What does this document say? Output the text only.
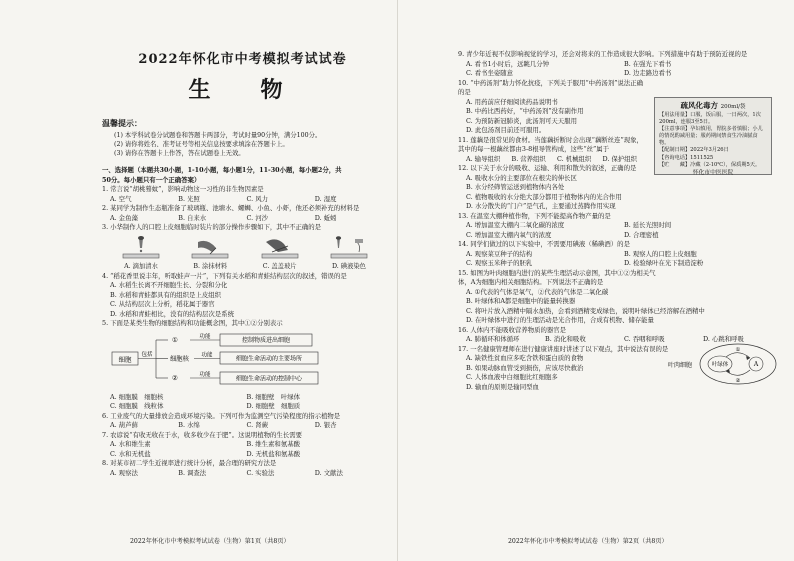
2022年怀化市中考模拟考试试卷
生　物
温馨提示：
(1) 本学科试卷分试题卷和答题卡两部分，考试时量90分钟，满分100分。
(2) 请你将姓名、准考证号等相关信息按要求填涂在答题卡上。
(3) 请你在答题卡上作答，答在试题卷上无效。
一、选择题（本题共30小题，1-10小题，每小题1分，11-30小题，每小题2分，共
50分。每小题只有一个正确答案）
1. 常言说“胡桃蓦蚊”，影响动物这一习性的非生物因素是
A. 空气	B. 光照	C. 风力	D. 湿度
2. 某同学为制作生态瓶准备了玻璃瓶、池塘水、螺蛳、小鱼、小虾，他还必须补充的材料是
A. 金鱼藻	B. 自来水	C. 河沙	D. 蚯蚓
3. 小华制作人的口腔上皮细胞临时装片的部分操作步骤如下，其中不正确的是
A. 滴加清水	B. 涂抹材料	C. 盖盖玻片	D. 碘液染色
4. “稻花香里说丰年，听取蛙声一片”，下列有关水稻和青蛙结构层次的叙述，错误的是
A. 水稻生长离不开细胞生长、分裂和分化
B. 水稻和青蛙都具有的组织是上皮组织
C. 从结构层次上分析，稻花属于器官
D. 水稻和青蛙相比，没有的结构层次是系统
5. 下面是某类生物的细胞结构和功能概念图，其中①②分别表示
细胞
包括
①
细胞核
②
功能
功能
功能
控制物质进出细胞
细胞生命活动的主要场所
细胞生命活动的控制中心
A. 细胞膜　细胞核	B. 细胞壁　叶绿体
C. 细胞膜　线粒体	D. 细胞壁　细胞质
6. 工业废气的大量排放会造成环境污染。下列可作为监测空气污染程度的指示植物是
A. 葫芦藓	B. 水绵	C. 肾蕨	D. 银杏
7. 农谚说“有收无收在于水，收多收少在于肥”。这说明植物的生长需要
A. 水和维生素	B. 维生素和氨基酸
C. 水和无机盐	D. 无机盐和氨基酸
8. 对某市初二学生近视率进行统计分析，最合理的研究方法是
A. 观察法	B. 调查法	C. 实验法	D. 文献法
2022年怀化市中考模拟考试试卷（生物）第1页（共8页）
9. 青少年近视不仅影响视觉的学习，还会对将来的工作造成很大影响。下列措施中有助于预防近视的是
A. 看书1小时后，远眺几分钟	B. 在强光下看书
C. 看书坐姿随意	D. 边走路边看书
10. “中药汤剂”助力怀化抗疫，下列关于服用“中药汤剂”说法正确的是
A. 用药前应仔细阅读药品说明书
B. 中药比西药好，“中药汤剂”没有副作用
C. 为预防新冠肺炎，此汤剂可天天服用
D. 此包汤剂目前还可服用。
11. 莲藕是很常见的食材。当莲藕折断时会出现“藕断丝连”现象，其中的每一根藕丝都由3-8根导管构成，这些“丝”属于
A. 输导组织	B. 营养组织	C. 机械组织	D. 保护组织
12. 以下关于水分的吸收、运输、利用和散失的叙述，正确的是
A. 吸收水分的主要部位在根尖的伸长区
B. 水分经筛管运送到植物体内各处
C. 植物吸收的水分绝大部分都用于植物体内的光合作用
D. 水分散失的“门户”是气孔，主要通过蒸腾作用实现
13. 在温室大棚种植作物，下列不能提高作物产量的是
A. 增加温室大棚内二氧化碳的浓度	B. 延长光照时间
C. 增加温室大棚内氧气的浓度	D. 合理密植
14. 同学们做过的以下实验中，不需要用碘液（稀碘酒）的是
A. 观察菜豆种子的结构	B. 观察人的口腔上皮细胞
C. 观察玉米种子的胚乳	D. 检验绿叶在光下制造淀粉
15. 如图为叶肉细胞内进行的某些生理活动示意图，其中①②为相关气体，A为细胞内相关细胞结构。下列说法不正确的是
A. ①代表的气体是氧气，②代表的气体是二氧化碳
B. 叶绿体和A都是细胞中的能量转换器
C. 将叶片放入酒精中隔水加热，会看到酒精变成绿色，说明叶绿体已经溶解在酒精中
D. 在叶绿体中进行的生理活动是光合作用，合成有机物、储存能量
16. 人体内不能吸收营养物质的器官是
A. 肺循环和体循环	B. 消化和吸收	C. 吞咽和呼吸	D. 心跳和呼吸
17. 一名健康管理师在进行健康讲座时讲述了以下观点，其中说法有误的是
A. 缺铁性贫血应多吃含铁和蛋白质的食物
B. 如果动脉血管受到损伤，应该尽快救治
C. 人体血液中白细胞比红细胞多
D. 输血的原则是输同型血
疏风化毒方 200ml/袋
【用法用量】口服，饭后服，一日两次，1次200ml，连服3至5日。
【注意事项】孕妇慎用，胃脘多者慎服；小儿的情况酌减用量；服药期间禁食生冷油腻食物。
【配制日期】2022年3月26日
【咨询电话】1511525
【贮　　藏】冷藏（2-10℃），保质期5天。
怀化市中医医院
2022年怀化市中考模拟考试试卷（生物）第2页（共8页）
叶肉细胞	叶绿体	A
①
②
